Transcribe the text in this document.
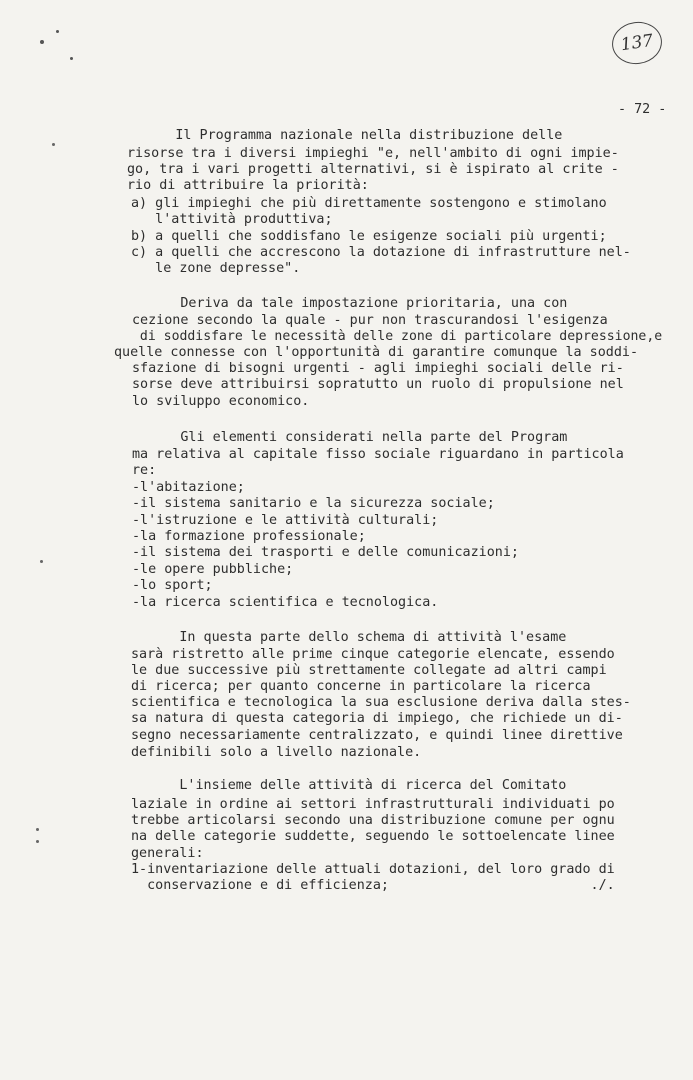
137
- 72 -
Il Programma nazionale nella distribuzione delle
risorse tra i diversi impieghi "e, nell'ambito di ogni impie-
go, tra i vari progetti alternativi, si è ispirato al crite -
rio di attribuire la priorità:
a) gli impieghi che più direttamente sostengono e stimolano
l'attività produttiva;
b) a quelli che soddisfano le esigenze sociali più urgenti;
c) a quelli che accrescono la dotazione di infrastrutture nel-
le zone depresse".
Deriva da tale impostazione prioritaria, una con
cezione secondo la quale - pur non trascurandosi l'esigenza
di soddisfare le necessità delle zone di particolare depressione,e
quelle connesse con l'opportunità di garantire comunque la soddi-
sfazione di bisogni urgenti - agli impieghi sociali delle ri-
sorse deve attribuirsi sopratutto un ruolo di propulsione nel
lo sviluppo economico.
Gli elementi considerati nella parte del Program
ma relativa al capitale fisso sociale riguardano in particola
re:
-l'abitazione;
-il sistema sanitario e la sicurezza sociale;
-l'istruzione e le attività culturali;
-la formazione professionale;
-il sistema dei trasporti e delle comunicazioni;
-le opere pubbliche;
-lo sport;
-la ricerca scientifica e tecnologica.
In questa parte dello schema di attività l'esame
sarà ristretto alle prime cinque categorie elencate, essendo
le due successive più strettamente collegate ad altri campi
di ricerca; per quanto concerne in particolare la ricerca
scientifica e tecnologica la sua esclusione deriva dalla stes-
sa natura di questa categoria di impiego, che richiede un di-
segno necessariamente centralizzato, e quindi linee direttive
definibili solo a livello nazionale.
L'insieme delle attività di ricerca del Comitato
laziale in ordine ai settori infrastrutturali individuati po
trebbe articolarsi secondo una distribuzione comune per ognu
na delle categorie suddette, seguendo le sottoelencate linee
generali:
1-inventariazione delle attuali dotazioni, del loro grado di
conservazione e di efficienza;                         ./.
